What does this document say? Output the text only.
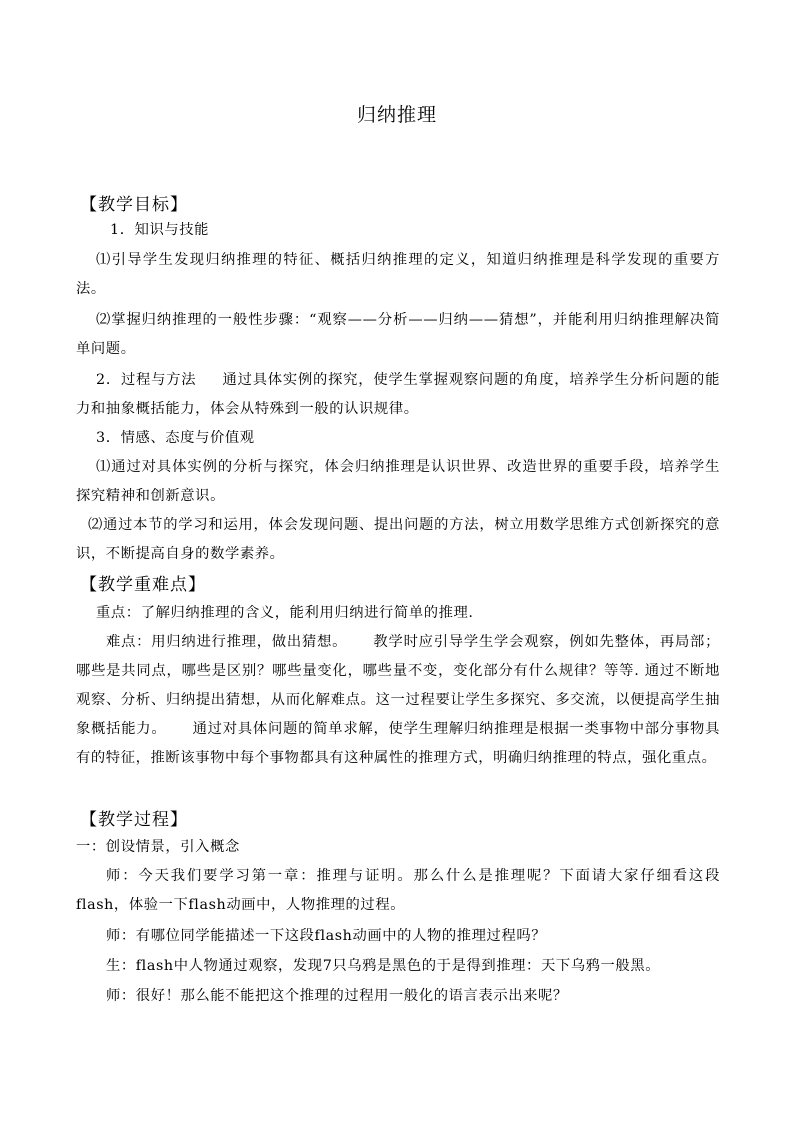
归纳推理
【教学目标】
1．知识与技能
⑴引导学生发现归纳推理的特征、概括归纳推理的定义，知道归纳推理是科学发现的重要方法。
⑵掌握归纳推理的一般性步骤：“观察——分析——归纳——猜想”，并能利用归纳推理解决简单问题。
2．过程与方法 通过具体实例的探究，使学生掌握观察问题的角度，培养学生分析问题的能力和抽象概括能力，体会从特殊到一般的认识规律。
3．情感、态度与价值观
⑴通过对具体实例的分析与探究，体会归纳推理是认识世界、改造世界的重要手段，培养学生探究精神和创新意识。
⑵通过本节的学习和运用，体会发现问题、提出问题的方法，树立用数学思维方式创新探究的意识，不断提高自身的数学素养。
【教学重难点】
重点：了解归纳推理的含义，能利用归纳进行简单的推理.
难点：用归纳进行推理，做出猜想。 教学时应引导学生学会观察，例如先整体，再局部；哪些是共同点，哪些是区别？哪些量变化，哪些量不变，变化部分有什么规律？等等. 通过不断地观察、分析、归纳提出猜想，从而化解难点。这一过程要让学生多探究、多交流，以便提高学生抽象概括能力。 通过对具体问题的简单求解，使学生理解归纳推理是根据一类事物中部分事物具有的特征，推断该事物中每个事物都具有这种属性的推理方式，明确归纳推理的特点，强化重点。
【教学过程】
一：创设情景，引入概念
师：今天我们要学习第一章：推理与证明。那么什么是推理呢？下面请大家仔细看这段flash，体验一下flash动画中，人物推理的过程。
师：有哪位同学能描述一下这段flash动画中的人物的推理过程吗？
生：flash中人物通过观察，发现7只乌鸦是黑色的于是得到推理：天下乌鸦一般黑。
师：很好！那么能不能把这个推理的过程用一般化的语言表示出来呢？
